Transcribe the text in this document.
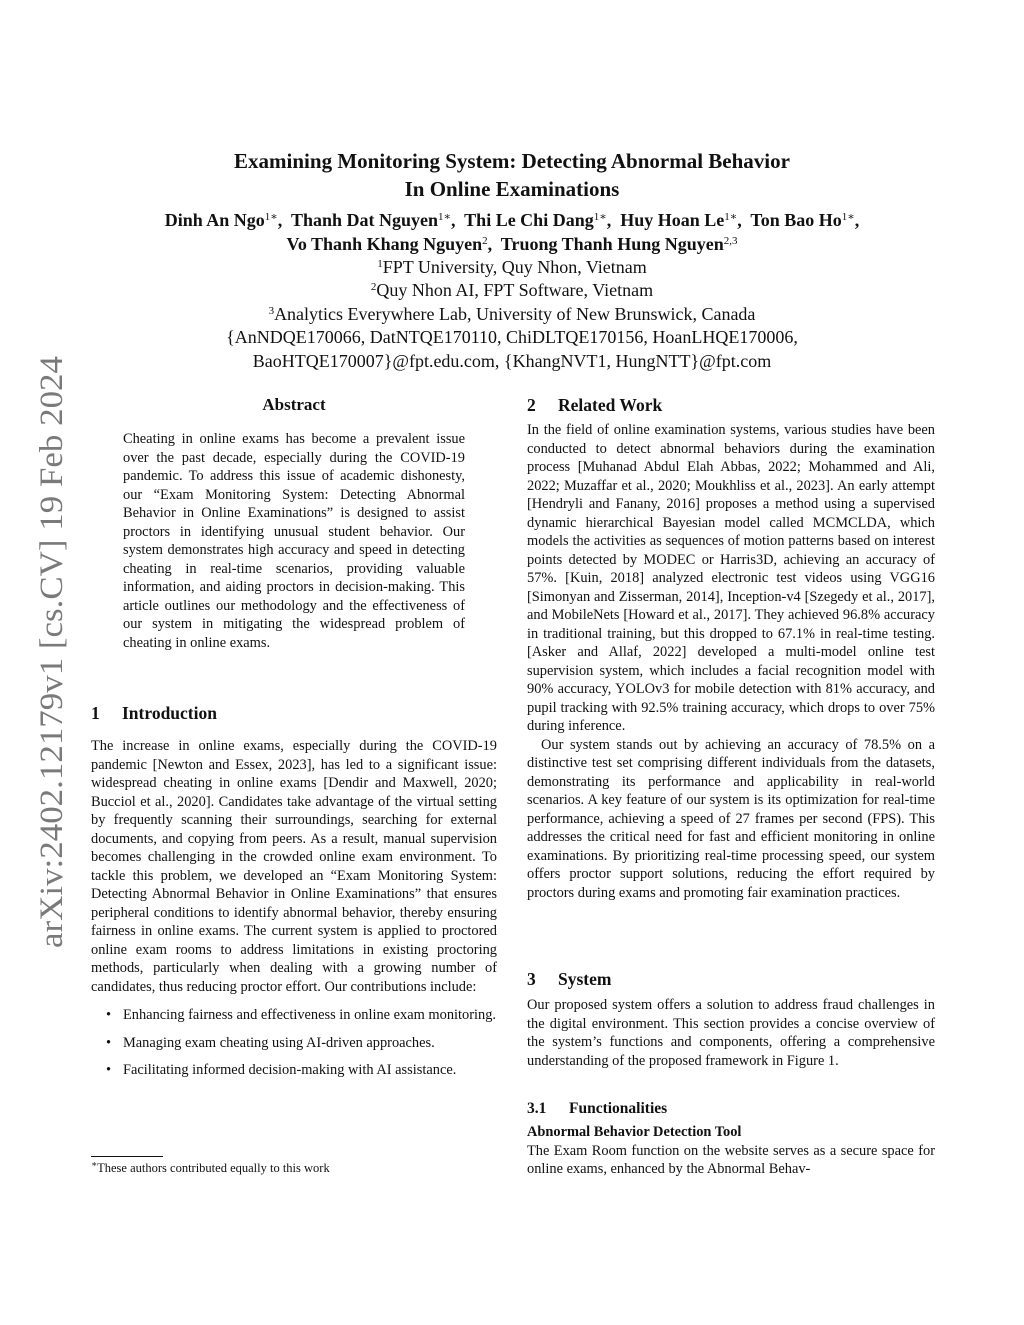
arXiv:2402.12179v1 [cs.CV] 19 Feb 2024
Examining Monitoring System: Detecting Abnormal Behavior
In Online Examinations
Dinh An Ngo$^{1∗}$,  Thanh Dat Nguyen$^{1∗}$,  Thi Le Chi Dang$^{1∗}$,  Huy Hoan $Le^{1∗}$,  Ton Bao $Ho^{1∗}$,
Vo Thanh Khang Nguyen$^2$,  Truong Thanh Hung Nguyen$^{2,3}$
$^1$FPT University, Quy Nhon, Vietnam
$^2$Quy Nhon AI, FPT Software, Vietnam
$^3$Analytics Everywhere Lab, University of New Brunswick, Canada
{AnNDQE170066, DatNTQE170110, ChiDLTQE170156, HoanLHQE170006,
BaoHTQE170007}@fpt.edu.com, {KhangNVT1, HungNTT}@fpt.com
Abstract

Cheating in online exams has become a prevalent issue over the past decade, especially during the COVID-19 pandemic. To address this issue of academic dishonesty, our “Exam Monitoring System: Detecting Abnormal Behavior in Online Examinations” is designed to assist proctors in identifying unusual student behavior. Our system demonstrates high accuracy and speed in detecting cheating in real-time scenarios, providing valuable information, and aiding proctors in decision-making. This article outlines our methodology and the effectiveness of our system in mitigating the widespread problem of cheating in online exams.

1 Introduction

The increase in online exams, especially during the COVID-19 pandemic [Newton and Essex, 2023], has led to a significant issue: widespread cheating in online exams [Dendir and Maxwell, 2020; Bucciol et al., 2020]. Candidates take advantage of the virtual setting by frequently scanning their surroundings, searching for external documents, and copying from peers. As a result, manual supervision becomes challenging in the crowded online exam environment. To tackle this problem, we developed an “Exam Monitoring System: Detecting Abnormal Behavior in Online Examinations” that ensures peripheral conditions to identify abnormal behavior, thereby ensuring fairness in online exams. The current system is applied to proctored online exam rooms to address limitations in existing proctoring methods, particularly when dealing with a growing number of candidates, thus reducing proctor effort. Our contributions include:

• Enhancing fairness and effectiveness in online exam monitoring.
• Managing exam cheating using AI-driven approaches.
• Facilitating informed decision-making with AI assistance.
∗These authors contributed equally to this work
2 Related Work

In the field of online examination systems, various studies have been conducted to detect abnormal behaviors during the examination process [Muhanad Abdul Elah Abbas, 2022; Mohammed and Ali, 2022; Muzaffar et al., 2020; Moukhliss et al., 2023]. An early attempt [Hendryli and Fanany, 2016] proposes a method using a supervised dynamic hierarchical Bayesian model called MCMCLDA, which models the activities as sequences of motion patterns based on interest points detected by MODEC or Harris3D, achieving an accuracy of 57%. [Kuin, 2018] analyzed electronic test videos using VGG16 [Simonyan and Zisserman, 2014], Inception-v4 [Szegedy et al., 2017], and MobileNets [Howard et al., 2017]. They achieved 96.8% accuracy in traditional training, but this dropped to 67.1% in real-time testing. [Asker and Allaf, 2022] developed a multi-model online test supervision system, which includes a facial recognition model with 90% accuracy, YOLOv3 for mobile detection with 81% accuracy, and pupil tracking with 92.5% training accuracy, which drops to over 75% during inference.

Our system stands out by achieving an accuracy of 78.5% on a distinctive test set comprising different individuals from the datasets, demonstrating its performance and applicability in real-world scenarios. A key feature of our system is its optimization for real-time performance, achieving a speed of 27 frames per second (FPS). This addresses the critical need for fast and efficient monitoring in online examinations. By prioritizing real-time processing speed, our system offers proctor support solutions, reducing the effort required by proctors during exams and promoting fair examination practices.

3 System

Our proposed system offers a solution to address fraud challenges in the digital environment. This section provides a concise overview of the system’s functions and components, offering a comprehensive understanding of the proposed framework in Figure 1.

3.1 Functionalities

Abnormal Behavior Detection Tool

The Exam Room function on the website serves as a secure space for online exams, enhanced by the Abnormal Behav-
